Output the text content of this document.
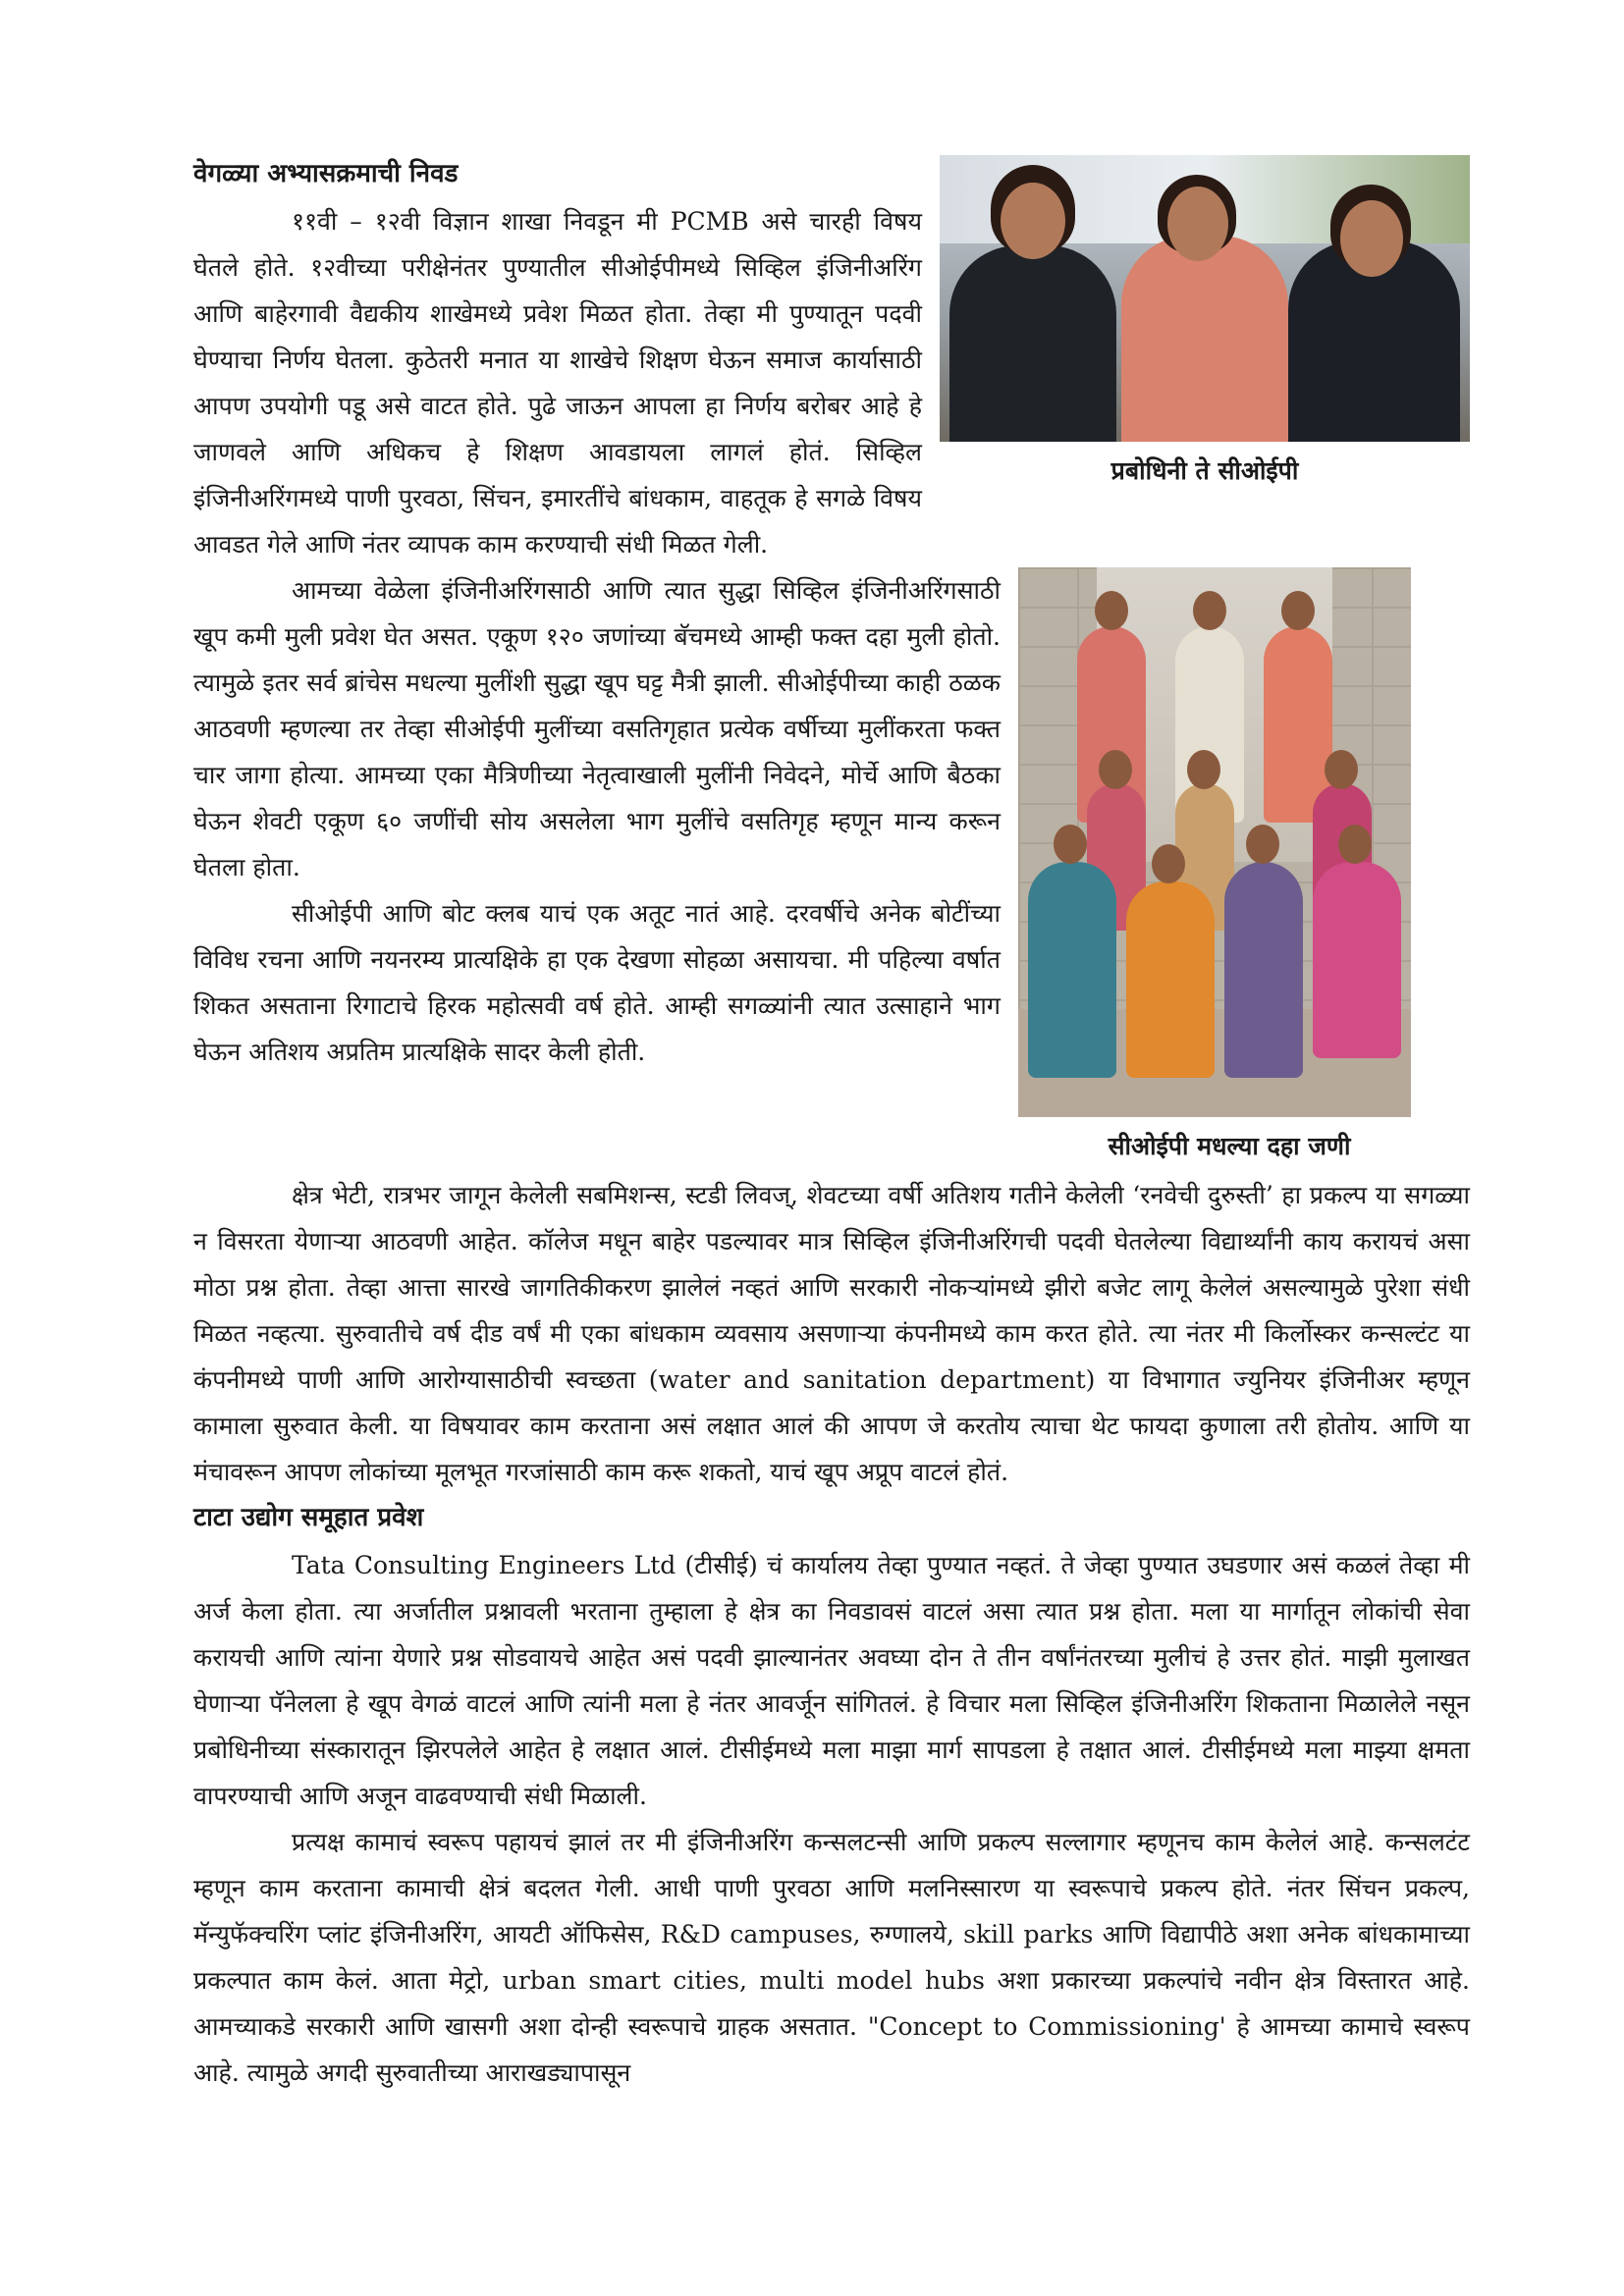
प्रबोधिनी ते सीओईपी
वेगळ्या अभ्यासक्रमाची निवड

११वी – १२वी विज्ञान शाखा निवडून मी PCMB असे चारही विषय घेतले होते. १२वीच्या परीक्षेनंतर पुण्यातील सीओईपीमध्ये सिव्हिल इंजिनीअरिंग आणि बाहेरगावी वैद्यकीय शाखेमध्ये प्रवेश मिळत होता. तेव्हा मी पुण्यातून पदवी घेण्याचा निर्णय घेतला. कुठेतरी मनात या शाखेचे शिक्षण घेऊन समाज कार्यासाठी आपण उपयोगी पडू असे वाटत होते. पुढे जाऊन आपला हा निर्णय बरोबर आहे हे जाणवले आणि अधिकच हे शिक्षण आवडायला लागलं होतं. सिव्हिल इंजिनीअरिंगमध्ये पाणी पुरवठा, सिंचन, इमारतींचे बांधकाम, वाहतूक हे सगळे विषय आवडत गेले आणि नंतर व्यापक काम करण्याची संधी मिळत गेली.

सीओईपी मधल्या दहा जणी

आमच्या वेळेला इंजिनीअरिंगसाठी आणि त्यात सुद्धा सिव्हिल इंजिनीअरिंगसाठी खूप कमी मुली प्रवेश घेत असत. एकूण १२० जणांच्या बॅचमध्ये आम्ही फक्त दहा मुली होतो. त्यामुळे इतर सर्व ब्रांचेस मधल्या मुलींशी सुद्धा खूप घट्ट मैत्री झाली. सीओईपीच्या काही ठळक आठवणी म्हणल्या तर तेव्हा सीओईपी मुलींच्या वसतिगृहात प्रत्येक वर्षीच्या मुलींकरता फक्त चार जागा होत्या. आमच्या एका मैत्रिणीच्या नेतृत्वाखाली मुलींनी निवेदने, मोर्चे आणि बैठका घेऊन शेवटी एकूण ६० जणींची सोय असलेला भाग मुलींचे वसतिगृह म्हणून मान्य करून घेतला होता.

सीओईपी आणि बोट क्लब याचं एक अतूट नातं आहे. दरवर्षीचे अनेक बोटींच्या विविध रचना आणि नयनरम्य प्रात्यक्षिके हा एक देखणा सोहळा असायचा. मी पहिल्या वर्षात शिकत असताना रिगाटाचे हिरक महोत्सवी वर्ष होते. आम्ही सगळ्यांनी त्यात उत्साहाने भाग घेऊन अतिशय अप्रतिम प्रात्यक्षिके सादर केली होती.

क्षेत्र भेटी, रात्रभर जागून केलेली सबमिशन्स, स्टडी लिवज्, शेवटच्या वर्षी अतिशय गतीने केलेली ‘रनवेची दुरुस्ती’ हा प्रकल्प या सगळ्या न विसरता येणाऱ्या आठवणी आहेत. कॉलेज मधून बाहेर पडल्यावर मात्र सिव्हिल इंजिनीअरिंगची पदवी घेतलेल्या विद्यार्थ्यांनी काय करायचं असा मोठा प्रश्न होता. तेव्हा आत्ता सारखे जागतिकीकरण झालेलं नव्हतं आणि सरकारी नोकऱ्यांमध्ये झीरो बजेट लागू केलेलं असल्यामुळे पुरेशा संधी मिळत नव्हत्या. सुरुवातीचे वर्ष दीड वर्षं मी एका बांधकाम व्यवसाय असणाऱ्या कंपनीमध्ये काम करत होते. त्या नंतर मी किर्लोस्कर कन्सल्टंट या कंपनीमध्ये पाणी आणि आरोग्यासाठीची स्वच्छता (water and sanitation department) या विभागात ज्युनियर इंजिनीअर म्हणून कामाला सुरुवात केली. या विषयावर काम करताना असं लक्षात आलं की आपण जे करतोय त्याचा थेट फायदा कुणाला तरी होतोय. आणि या मंचावरून आपण लोकांच्या मूलभूत गरजांसाठी काम करू शकतो, याचं खूप अप्रूप वाटलं होतं.

टाटा उद्योग समूहात प्रवेश

Tata Consulting Engineers Ltd (टीसीई) चं कार्यालय तेव्हा पुण्यात नव्हतं. ते जेव्हा पुण्यात उघडणार असं कळलं तेव्हा मी अर्ज केला होता. त्या अर्जातील प्रश्नावली भरताना तुम्हाला हे क्षेत्र का निवडावसं वाटलं असा त्यात प्रश्न होता. मला या मार्गातून लोकांची सेवा करायची आणि त्यांना येणारे प्रश्न सोडवायचे आहेत असं पदवी झाल्यानंतर अवघ्या दोन ते तीन वर्षांनंतरच्या मुलीचं हे उत्तर होतं. माझी मुलाखत घेणाऱ्या पॅनेलला हे खूप वेगळं वाटलं आणि त्यांनी मला हे नंतर आवर्जून सांगितलं. हे विचार मला सिव्हिल इंजिनीअरिंग शिकताना मिळालेले नसून प्रबोधिनीच्या संस्कारातून झिरपलेले आहेत हे लक्षात आलं. टीसीईमध्ये मला माझा मार्ग सापडला हे तक्षात आलं. टीसीईमध्ये मला माझ्या क्षमता वापरण्याची आणि अजून वाढवण्याची संधी मिळाली.

प्रत्यक्ष कामाचं स्वरूप पहायचं झालं तर मी इंजिनीअरिंग कन्सलटन्सी आणि प्रकल्प सल्लागार म्हणूनच काम केलेलं आहे. कन्सलटंट म्हणून काम करताना कामाची क्षेत्रं बदलत गेली. आधी पाणी पुरवठा आणि मलनिस्सारण या स्वरूपाचे प्रकल्प होते. नंतर सिंचन प्रकल्प, मॅन्युफॅक्चरिंग प्लांट इंजिनीअरिंग, आयटी ऑफिसेस, R&D campuses, रुग्णालये, skill parks आणि विद्यापीठे अशा अनेक बांधकामाच्या प्रकल्पात काम केलं. आता मेट्रो, urban smart cities, multi model hubs अशा प्रकारच्या प्रकल्पांचे नवीन क्षेत्र विस्तारत आहे. आमच्याकडे सरकारी आणि खासगी अशा दोन्ही स्वरूपाचे ग्राहक असतात. "Concept to Commissioning' हे आमच्या कामाचे स्वरूप आहे. त्यामुळे अगदी सुरुवातीच्या आराखड्यापासून
